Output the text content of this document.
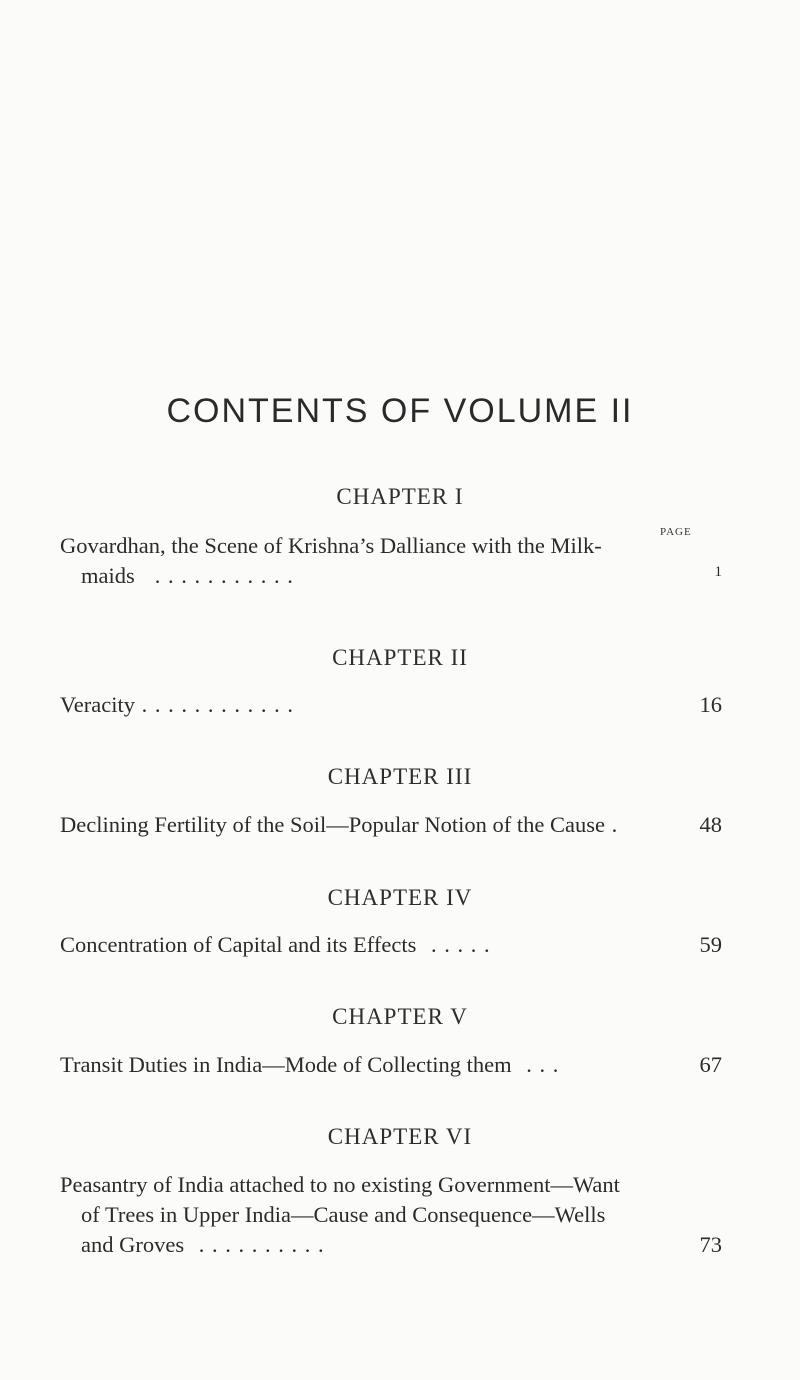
CONTENTS OF VOLUME II
CHAPTER I
PAGE
Govardhan, the Scene of Krishna’s Dalliance with the Milk-
maids . . . . . . . . . . .	1
CHAPTER II
Veracity . . . . . . . . . . . .	16
CHAPTER III
Declining Fertility of the Soil—Popular Notion of the Cause .	48
CHAPTER IV
Concentration of Capital and its Effects . . . . .	59
CHAPTER V
Transit Duties in India—Mode of Collecting them . . .	67
CHAPTER VI
Peasantry of India attached to no existing Government—Want
of Trees in Upper India—Cause and Consequence—Wells
and Groves . . . . . . . . . .	73
